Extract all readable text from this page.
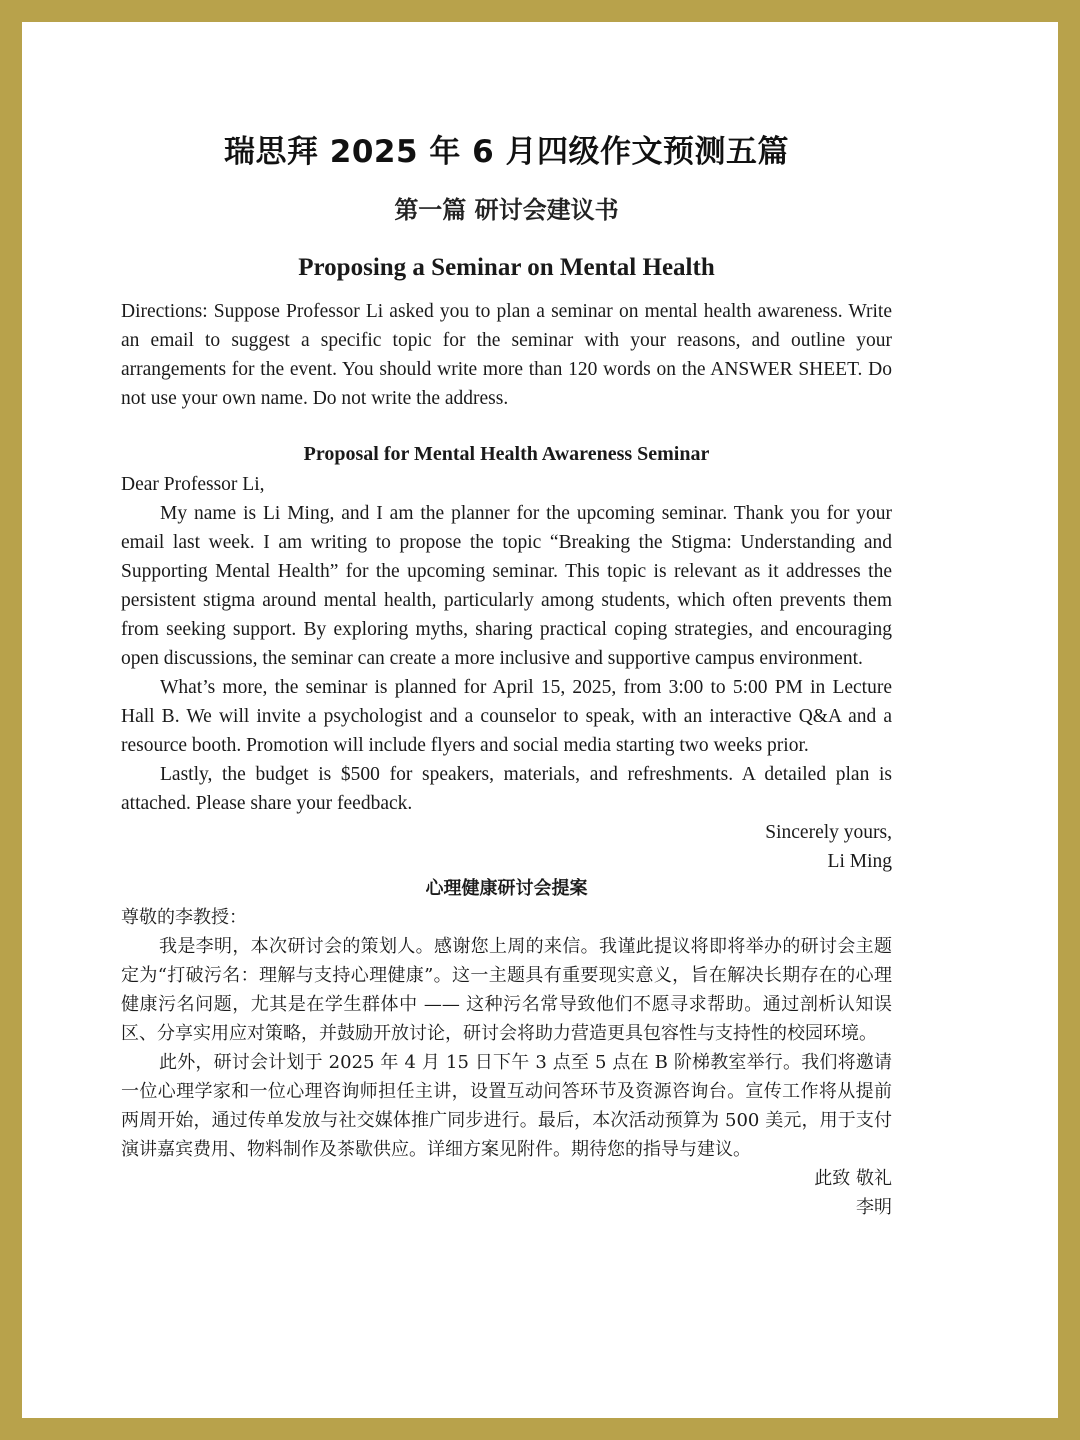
瑞思拜 2025 年 6 月四级作文预测五篇
第一篇 研讨会建议书
Proposing a Seminar on Mental Health

Directions: Suppose Professor Li asked you to plan a seminar on mental health awareness. Write an email to suggest a specific topic for the seminar with your reasons, and outline your arrangements for the event. You should write more than 120 words on the ANSWER SHEET. Do not use your own name. Do not write the address.

Proposal for Mental Health Awareness Seminar

Dear Professor Li,

My name is Li Ming, and I am the planner for the upcoming seminar. Thank you for your email last week. I am writing to propose the topic “Breaking the Stigma: Understanding and Supporting Mental Health” for the upcoming seminar. This topic is relevant as it addresses the persistent stigma around mental health, particularly among students, which often prevents them from seeking support. By exploring myths, sharing practical coping strategies, and encouraging open discussions, the seminar can create a more inclusive and supportive campus environment.

What’s more, the seminar is planned for April 15, 2025, from 3:00 to 5:00 PM in Lecture Hall B. We will invite a psychologist and a counselor to speak, with an interactive Q&A and a resource booth. Promotion will include flyers and social media starting two weeks prior.

Lastly, the budget is $500 for speakers, materials, and refreshments. A detailed plan is attached. Please share your feedback.

Sincerely yours,

Li Ming

心理健康研讨会提案

尊敬的李教授：

我是李明，本次研讨会的策划人。感谢您上周的来信。我谨此提议将即将举办的研讨会主题定为“打破污名：理解与支持心理健康”。这一主题具有重要现实意义，旨在解决长期存在的心理健康污名问题，尤其是在学生群体中 —— 这种污名常导致他们不愿寻求帮助。通过剖析认知误区、分享实用应对策略，并鼓励开放讨论，研讨会将助力营造更具包容性与支持性的校园环境。

此外，研讨会计划于 2025 年 4 月 15 日下午 3 点至 5 点在 B 阶梯教室举行。我们将邀请一位心理学家和一位心理咨询师担任主讲，设置互动问答环节及资源咨询台。宣传工作将从提前两周开始，通过传单发放与社交媒体推广同步进行。最后，本次活动预算为 500 美元，用于支付演讲嘉宾费用、物料制作及茶歇供应。详细方案见附件。期待您的指导与建议。

此致 敬礼

李明
